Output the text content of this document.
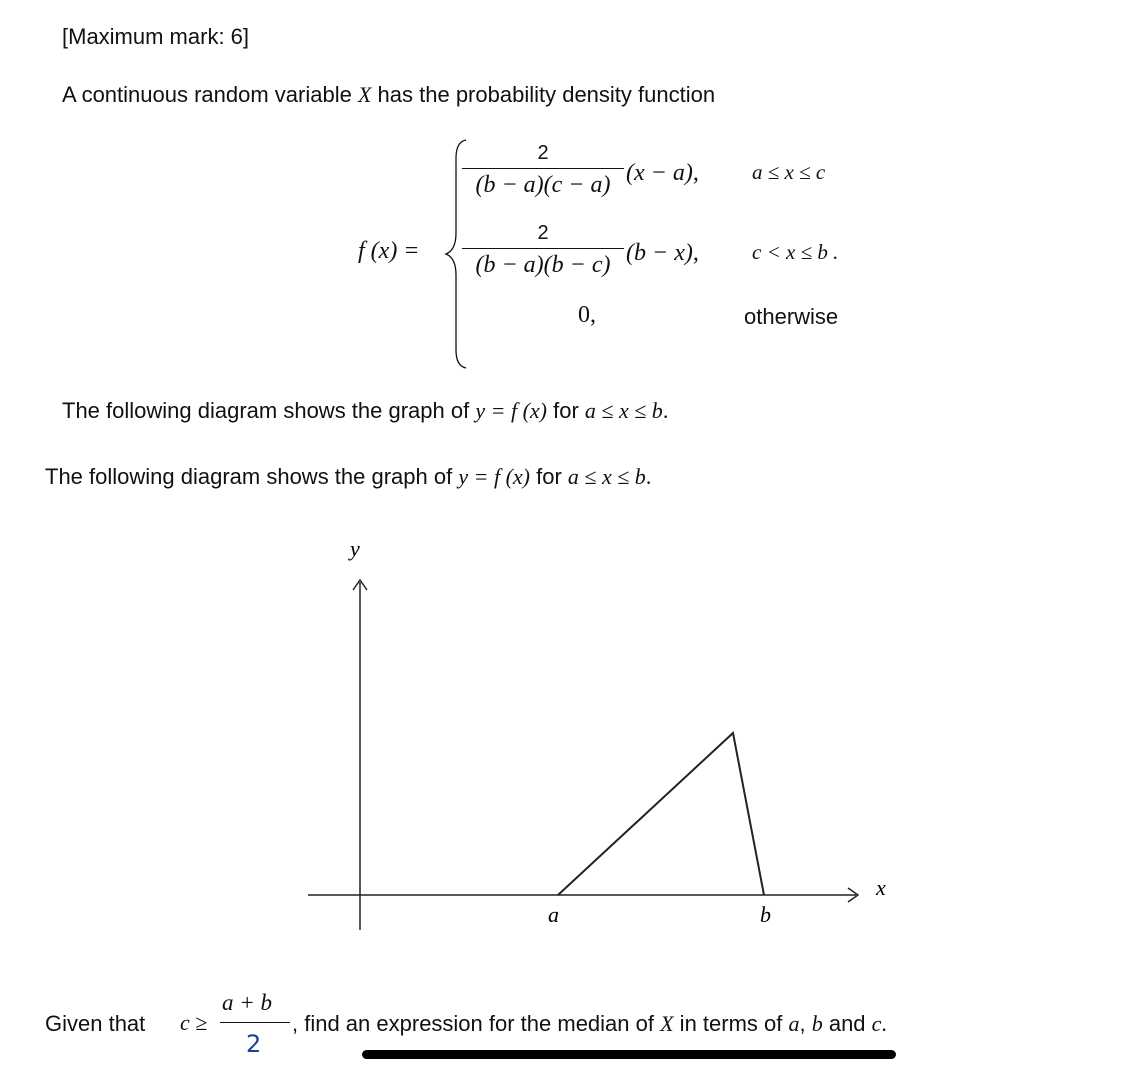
[Maximum mark: 6]
A continuous random variable X has the probability density function
f (x) =
2
(b − a)(c − a) (x − a),	a ≤ x ≤ c
2
(b − a)(b − c) (b − x),	c < x ≤ b .
0,	otherwise
The following diagram shows the graph of y = f (x) for a ≤ x ≤ b.
The following diagram shows the graph of y = f (x) for a ≤ x ≤ b.
y
x
a	b
Given that c ≥
a + b
2
, find an expression for the median of X in terms of a, b and c.
